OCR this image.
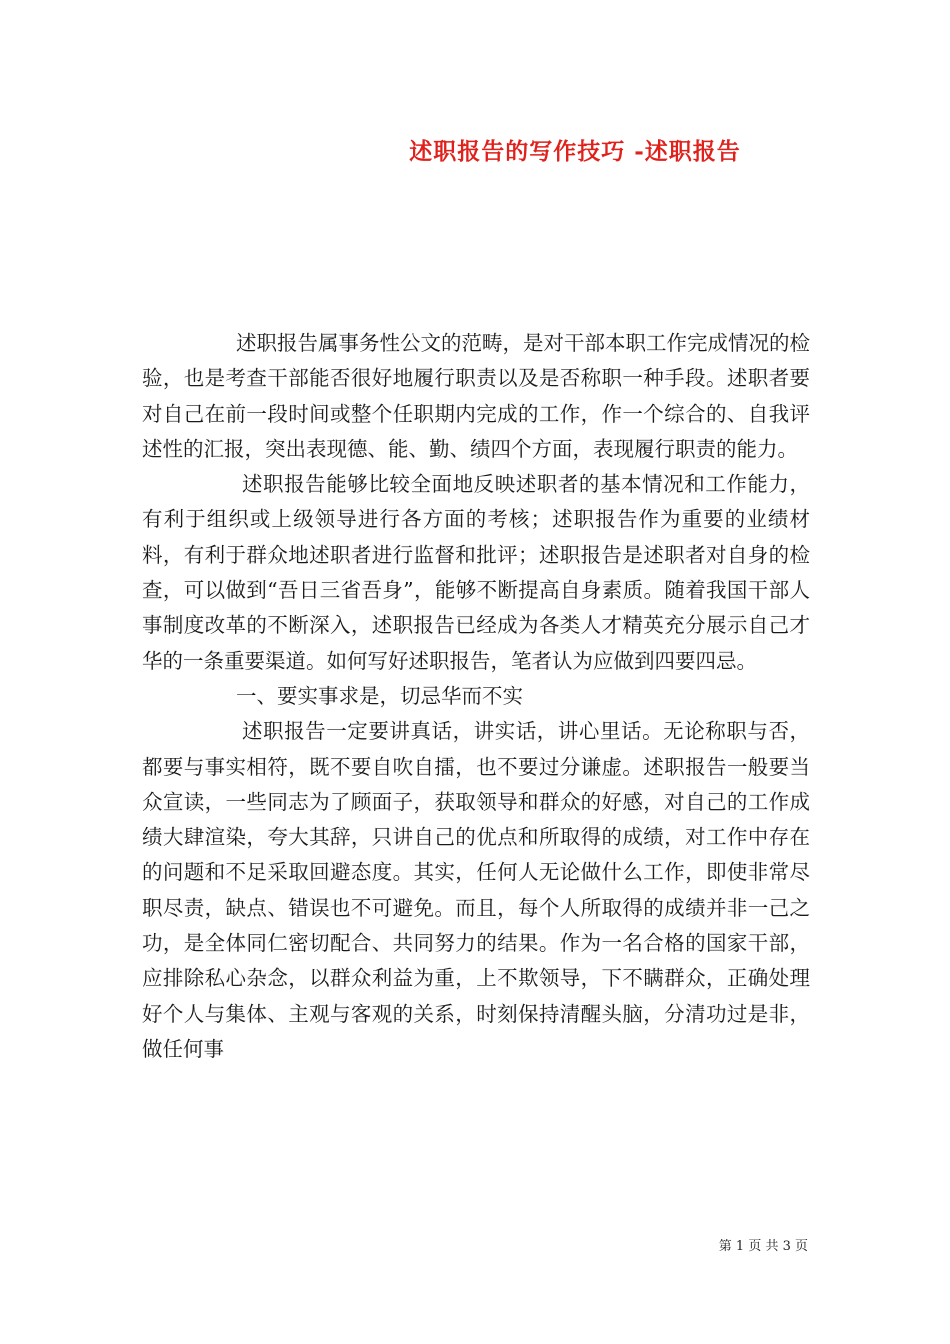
述职报告的写作技巧 -述职报告

述职报告属事务性公文的范畴，是对干部本职工作完成情况的检验，也是考查干部能否很好地履行职责以及是否称职一种手段。述职者要对自己在前一段时间或整个任职期内完成的工作，作一个综合的、自我评述性的汇报，突出表现德、能、勤、绩四个方面，表现履行职责的能力。

述职报告能够比较全面地反映述职者的基本情况和工作能力，有利于组织或上级领导进行各方面的考核；述职报告作为重要的业绩材料，有利于群众地述职者进行监督和批评；述职报告是述职者对自身的检查，可以做到“吾日三省吾身”，能够不断提高自身素质。随着我国干部人事制度改革的不断深入，述职报告已经成为各类人才精英充分展示自己才华的一条重要渠道。如何写好述职报告，笔者认为应做到四要四忌。

一、要实事求是，切忌华而不实

述职报告一定要讲真话，讲实话，讲心里话。无论称职与否，都要与事实相符，既不要自吹自擂，也不要过分谦虚。述职报告一般要当众宣读，一些同志为了顾面子，获取领导和群众的好感，对自己的工作成绩大肆渲染，夸大其辞，只讲自己的优点和所取得的成绩，对工作中存在的问题和不足采取回避态度。其实，任何人无论做什么工作，即使非常尽职尽责，缺点、错误也不可避免。而且，每个人所取得的成绩并非一己之功，是全体同仁密切配合、共同努力的结果。作为一名合格的国家干部，应排除私心杂念，以群众利益为重，上不欺领导，下不瞒群众，正确处理好个人与集体、主观与客观的关系，时刻保持清醒头脑，分清功过是非，做任何事

第 1 页 共 3 页
